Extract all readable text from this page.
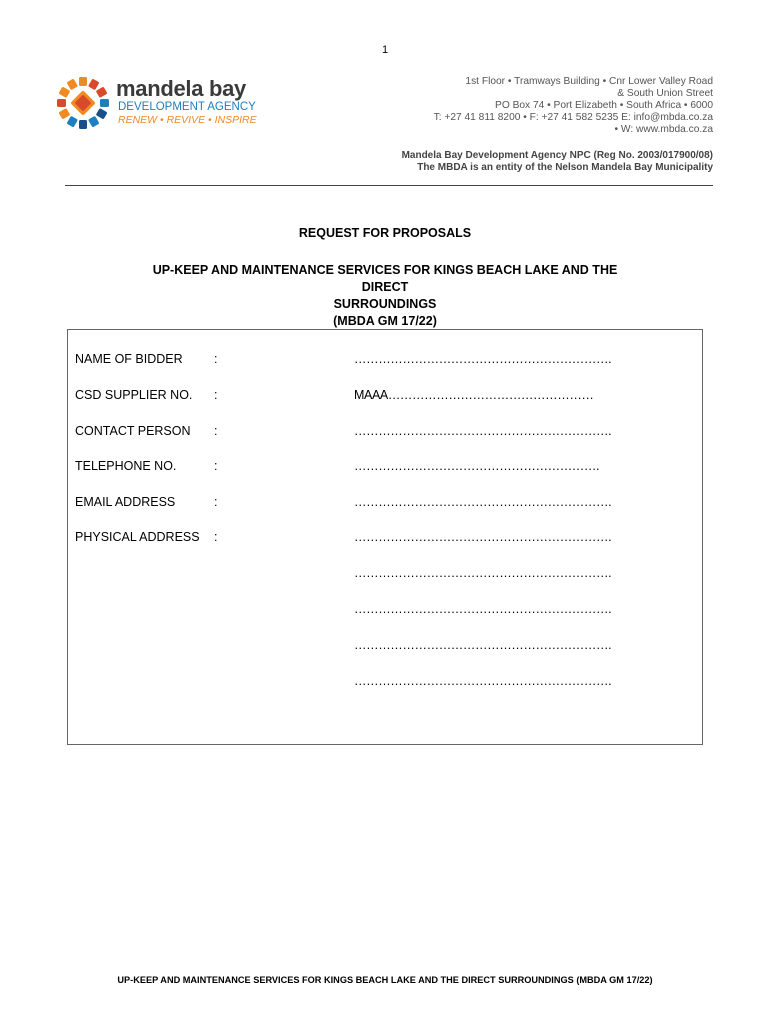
1
mandela bay
DEVELOPMENT AGENCY
RENEW • REVIVE • INSPIRE
1st Floor • Tramways Building • Cnr Lower Valley Road
& South Union Street
PO Box 74 • Port Elizabeth • South Africa • 6000
T: +27 41 811 8200 • F: +27 41 582 5235 E: info@mbda.co.za
• W: www.mbda.co.za
Mandela Bay Development Agency NPC (Reg No. 2003/017900/08)
The MBDA is an entity of the Nelson Mandela Bay Municipality
REQUEST FOR PROPOSALS
UP-KEEP AND MAINTENANCE SERVICES FOR KINGS BEACH LAKE AND THE DIRECT
SURROUNDINGS
(MBDA GM 17/22)
NAME OF BIDDER	:	……………………………………………………….
CSD SUPPLIER NO.	:	MAAA……………………………………………
CONTACT PERSON	:	……………………………………………………….
TELEPHONE NO.	:	…………………………………………………….
EMAIL ADDRESS	:	……………………………………………………….
PHYSICAL ADDRESS	:	……………………………………………………….
……………………………………………………….
……………………………………………………….
……………………………………………………….
……………………………………………………….
UP-KEEP AND MAINTENANCE SERVICES FOR KINGS BEACH LAKE AND THE DIRECT SURROUNDINGS (MBDA GM 17/22)
